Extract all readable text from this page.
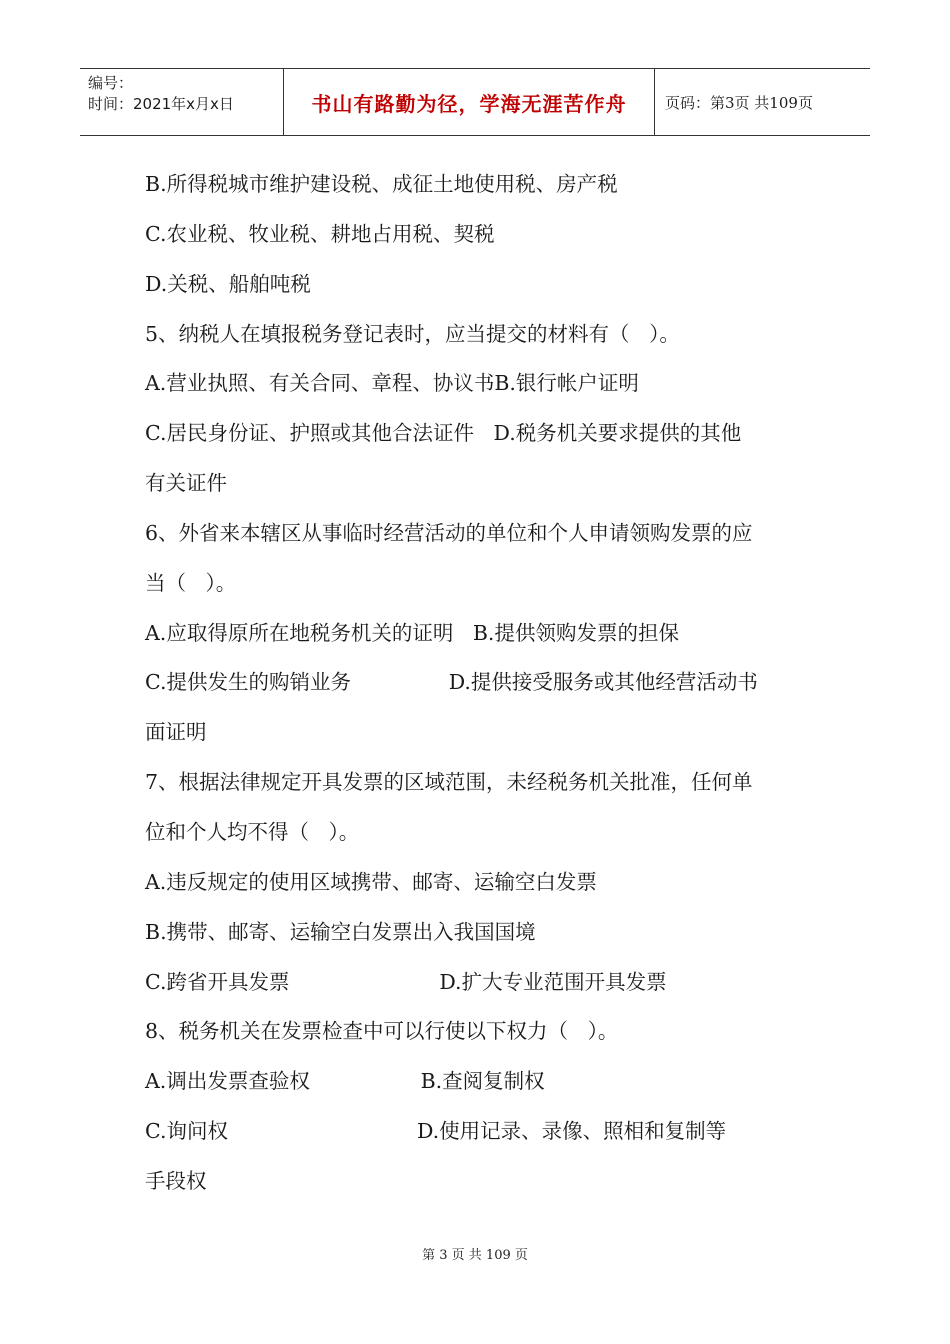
编号：
时间：2021年x月x日	书山有路勤为径，学海无涯苦作舟	页码：第3页 共109页
B.所得税城市维护建设税、成征土地使用税、房产税
C.农业税、牧业税、耕地占用税、契税
D.关税、船舶吨税
5、纳税人在填报税务登记表时，应当提交的材料有（   ）。
A.营业执照、有关合同、章程、协议书B.银行帐户证明
C.居民身份证、护照或其他合法证件   D.税务机关要求提供的其他
有关证件
6、外省来本辖区从事临时经营活动的单位和个人申请领购发票的应
当（   ）。
A.应取得原所在地税务机关的证明   B.提供领购发票的担保
C.提供发生的购销业务               D.提供接受服务或其他经营活动书
面证明
7、根据法律规定开具发票的区域范围，未经税务机关批准，任何单
位和个人均不得（   ）。
A.违反规定的使用区域携带、邮寄、运输空白发票
B.携带、邮寄、运输空白发票出入我国国境
C.跨省开具发票                       D.扩大专业范围开具发票
8、税务机关在发票检查中可以行使以下权力（   ）。
A.调出发票查验权                 B.查阅复制权
C.询问权                             D.使用记录、录像、照相和复制等
手段权
第 3 页 共 109 页
